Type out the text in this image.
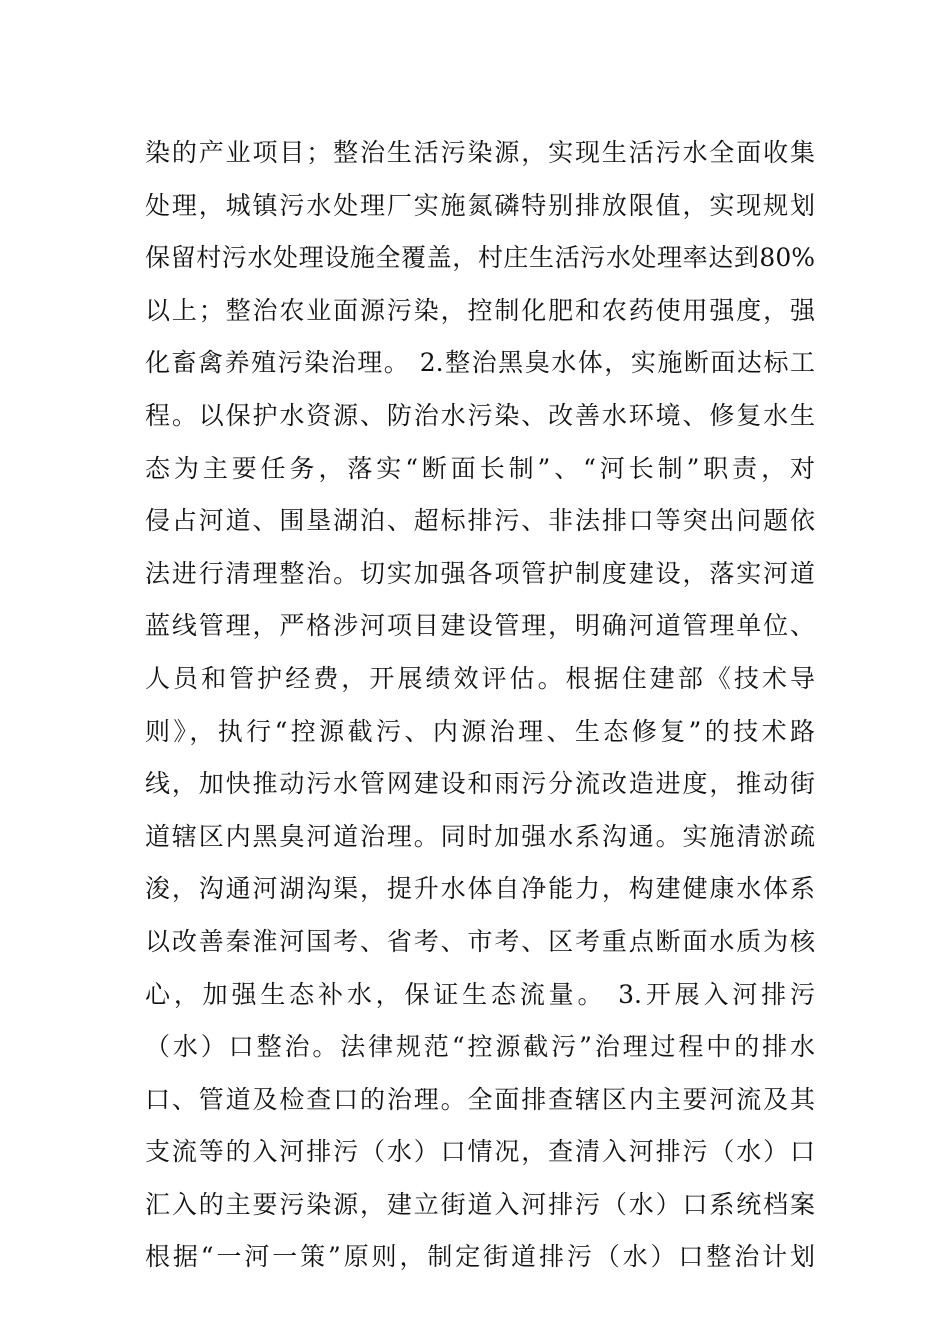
染的产业项目；整治生活污染源，实现生活污水全面收集
处理，城镇污水处理厂实施氮磷特别排放限值，实现规划
保留村污水处理设施全覆盖，村庄生活污水处理率达到80%
以上；整治农业面源污染，控制化肥和农药使用强度，强
化畜禽养殖污染治理。 2.整治黑臭水体，实施断面达标工
程。以保护水资源、防治水污染、改善水环境、修复水生
态为主要任务，落实“断面长制”、“河长制”职责，对
侵占河道、围垦湖泊、超标排污、非法排口等突出问题依
法进行清理整治。切实加强各项管护制度建设，落实河道
蓝线管理，严格涉河项目建设管理，明确河道管理单位、
人员和管护经费，开展绩效评估。根据住建部《技术导
则》，执行“控源截污、内源治理、生态修复”的技术路
线，加快推动污水管网建设和雨污分流改造进度，推动街
道辖区内黑臭河道治理。同时加强水系沟通。实施清淤疏
浚，沟通河湖沟渠，提升水体自净能力，构建健康水体系
以改善秦淮河国考、省考、市考、区考重点断面水质为核
心，加强生态补水，保证生态流量。 3.开展入河排污
（水）口整治。法律规范“控源截污”治理过程中的排水
口、管道及检查口的治理。全面排查辖区内主要河流及其
支流等的入河排污（水）口情况，查清入河排污（水）口
汇入的主要污染源，建立街道入河排污（水）口系统档案
根据“一河一策”原则，制定街道排污（水）口整治计划
